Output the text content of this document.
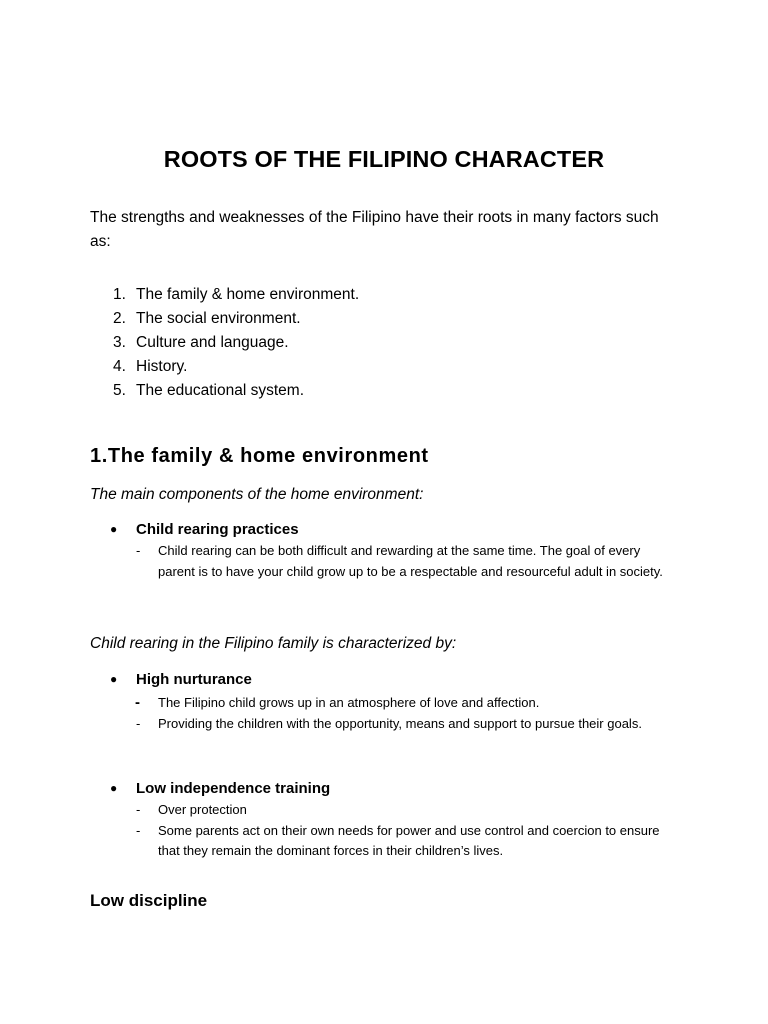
ROOTS OF THE FILIPINO CHARACTER

The strengths and weaknesses of the Filipino have their roots in many factors such as:

1. The family & home environment.
2. The social environment.
3. Culture and language.
4. History.
5. The educational system.
1.The family & home environment

The main components of the home environment:

● Child rearing practices
- Child rearing can be both difficult and rewarding at the same time. The goal of every parent is to have your child grow up to be a respectable and resourceful adult in society.

Child rearing in the Filipino family is characterized by:

● High nurturance
- The Filipino child grows up in an atmosphere of love and affection.
- Providing the children with the opportunity, means and support to pursue their goals.
● Low independence training
- Over protection
- Some parents act on their own needs for power and use control and coercion to ensure that they remain the dominant forces in their children’s lives.
Low discipline
